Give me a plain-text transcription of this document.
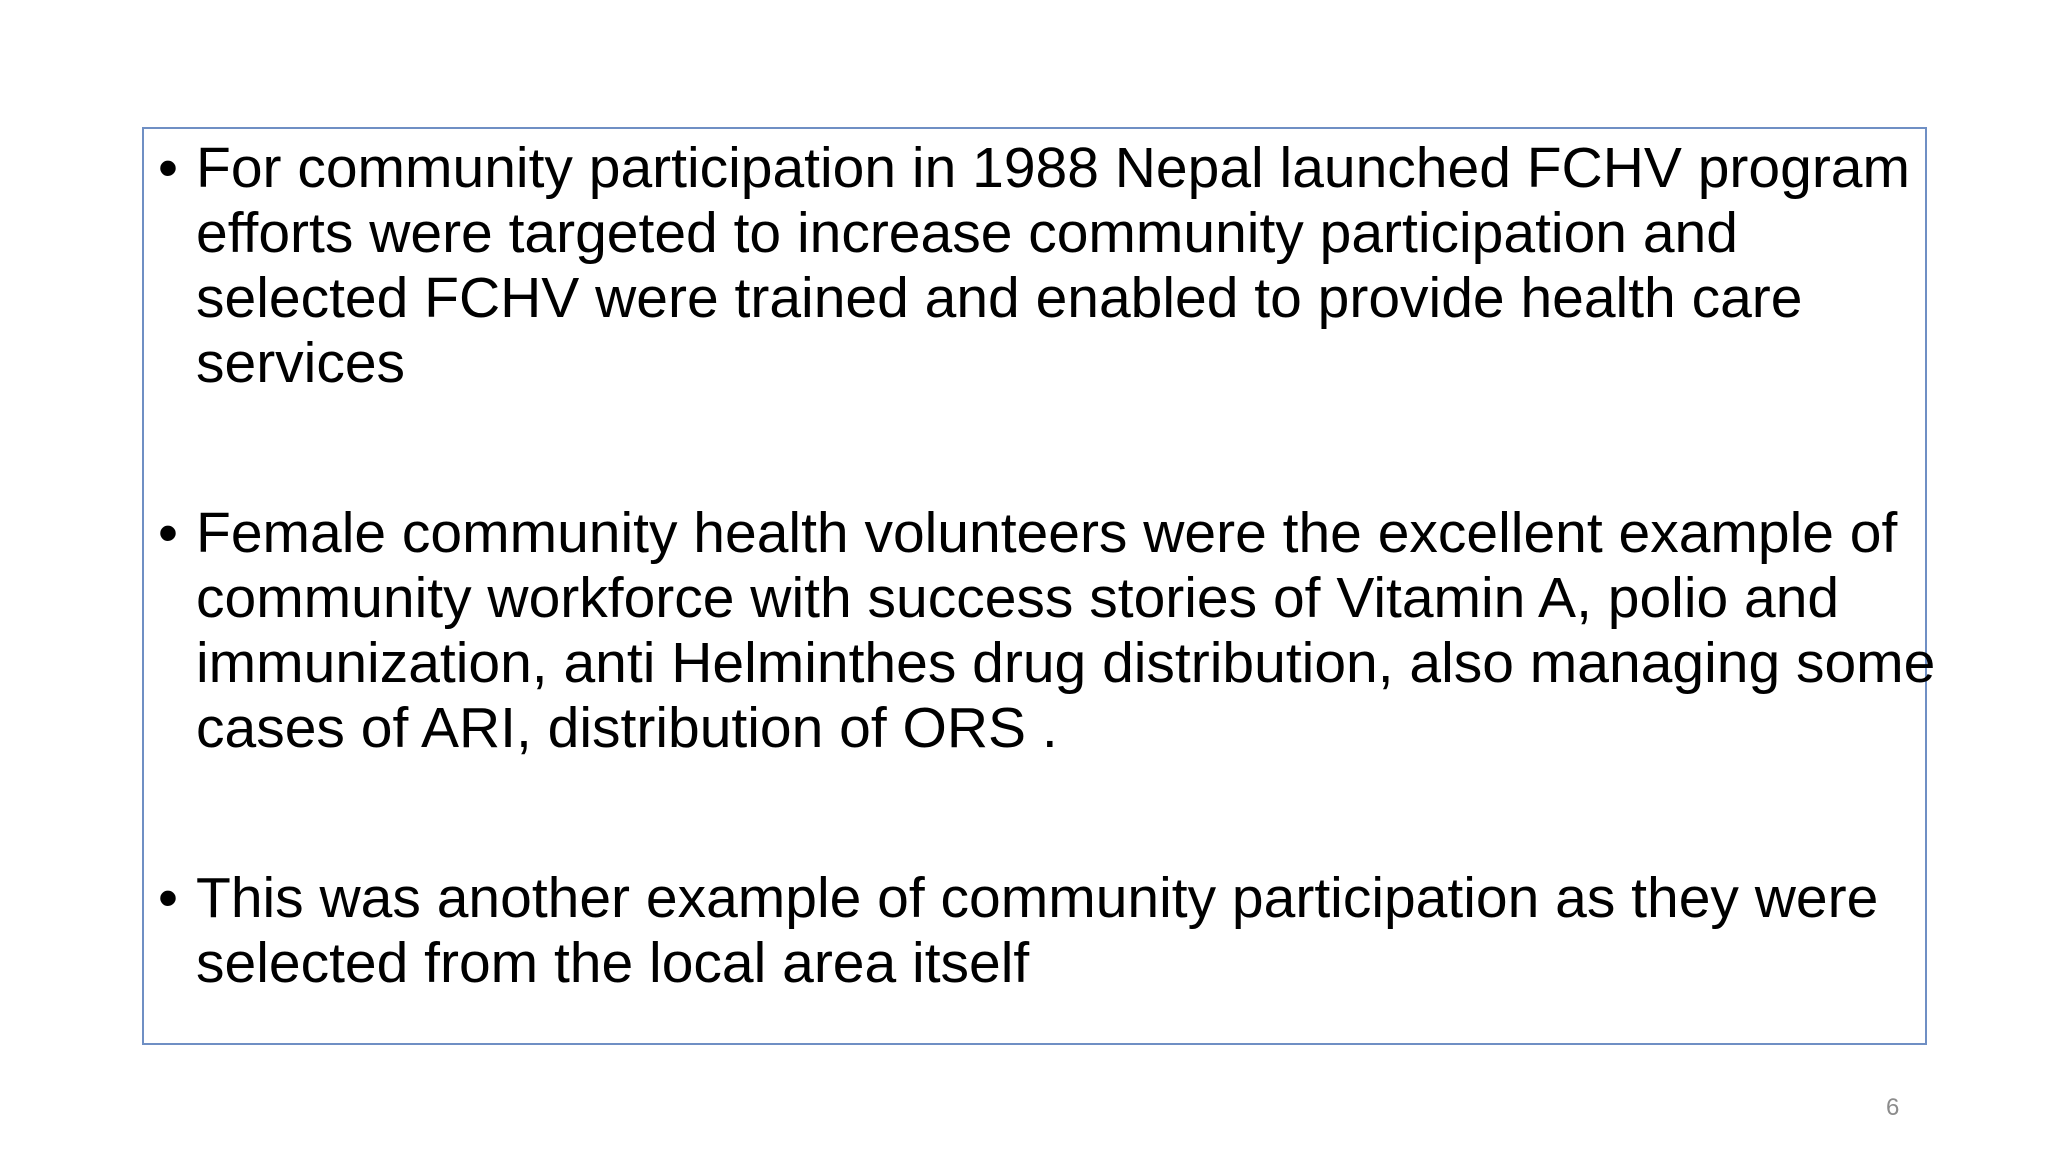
• For community participation in 1988 Nepal launched FCHV program efforts were targeted to increase community participation and selected FCHV were trained and enabled to provide health care services
• Female community health volunteers were the excellent example of community workforce with success stories of Vitamin A, polio and immunization, anti Helminthes drug distribution, also managing some cases of ARI, distribution of ORS .
• This was another example of community participation as they were selected from the local area itself
6
